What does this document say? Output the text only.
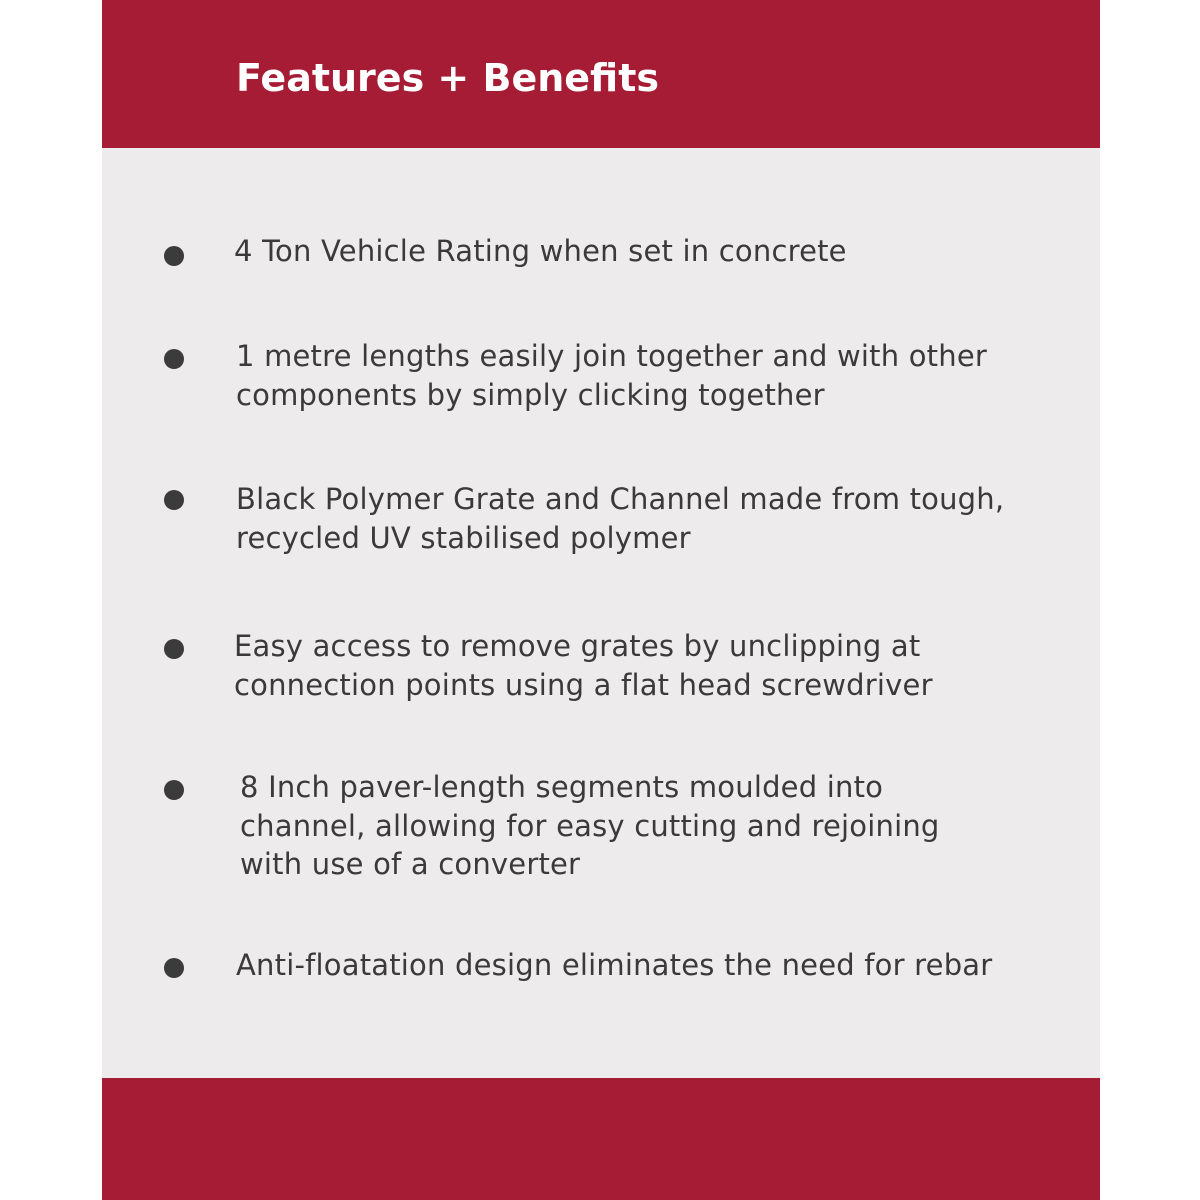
Features + Benefits
4 Ton Vehicle Rating when set in concrete
1 metre lengths easily join together and with other
components by simply clicking together
Black Polymer Grate and Channel made from tough,
recycled UV stabilised polymer
Easy access to remove grates by unclipping at
connection points using a flat head screwdriver
8 Inch paver-length segments moulded into
channel, allowing for easy cutting and rejoining
with use of a converter
Anti-floatation design eliminates the need for rebar
